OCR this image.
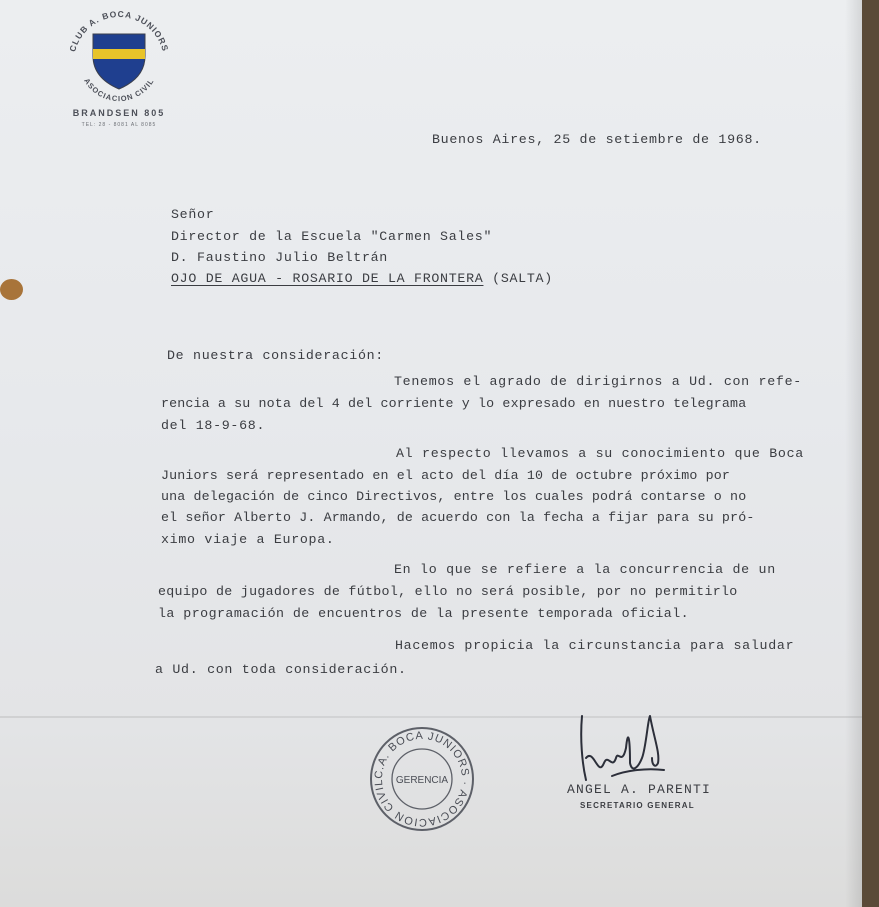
CLUB A. BOCA JUNIORS
ASOCIACION CIVIL
BRANDSEN 805
TEL: 28 - 8081 AL 8085
Buenos Aires, 25 de setiembre de 1968.
Señor
Director de la Escuela "Carmen Sales"
D. Faustino Julio Beltrán
OJO DE AGUA - ROSARIO DE LA FRONTERA (SALTA)
De nuestra consideración:
Tenemos el agrado de dirigirnos a Ud. con refe-
rencia a su nota del 4 del corriente y lo expresado en nuestro telegrama
del 18-9-68.
Al respecto llevamos a su conocimiento que Boca
Juniors será representado en el acto del día 10 de octubre próximo por
una delegación de cinco Directivos, entre los cuales podrá contarse o no
el señor Alberto J. Armando, de acuerdo con la fecha a fijar para su pró-
ximo viaje a Europa.
En lo que se refiere a la concurrencia de un
equipo de jugadores de fútbol, ello no será posible, por no permitirlo
la programación de encuentros de la presente temporada oficial.
Hacemos propicia la circunstancia para saludar
a Ud. con toda consideración.
C.A. BOCA JUNIORS · ASOCIACION CIVIL	GERENCIA
ANGEL A. PARENTI
SECRETARIO GENERAL
